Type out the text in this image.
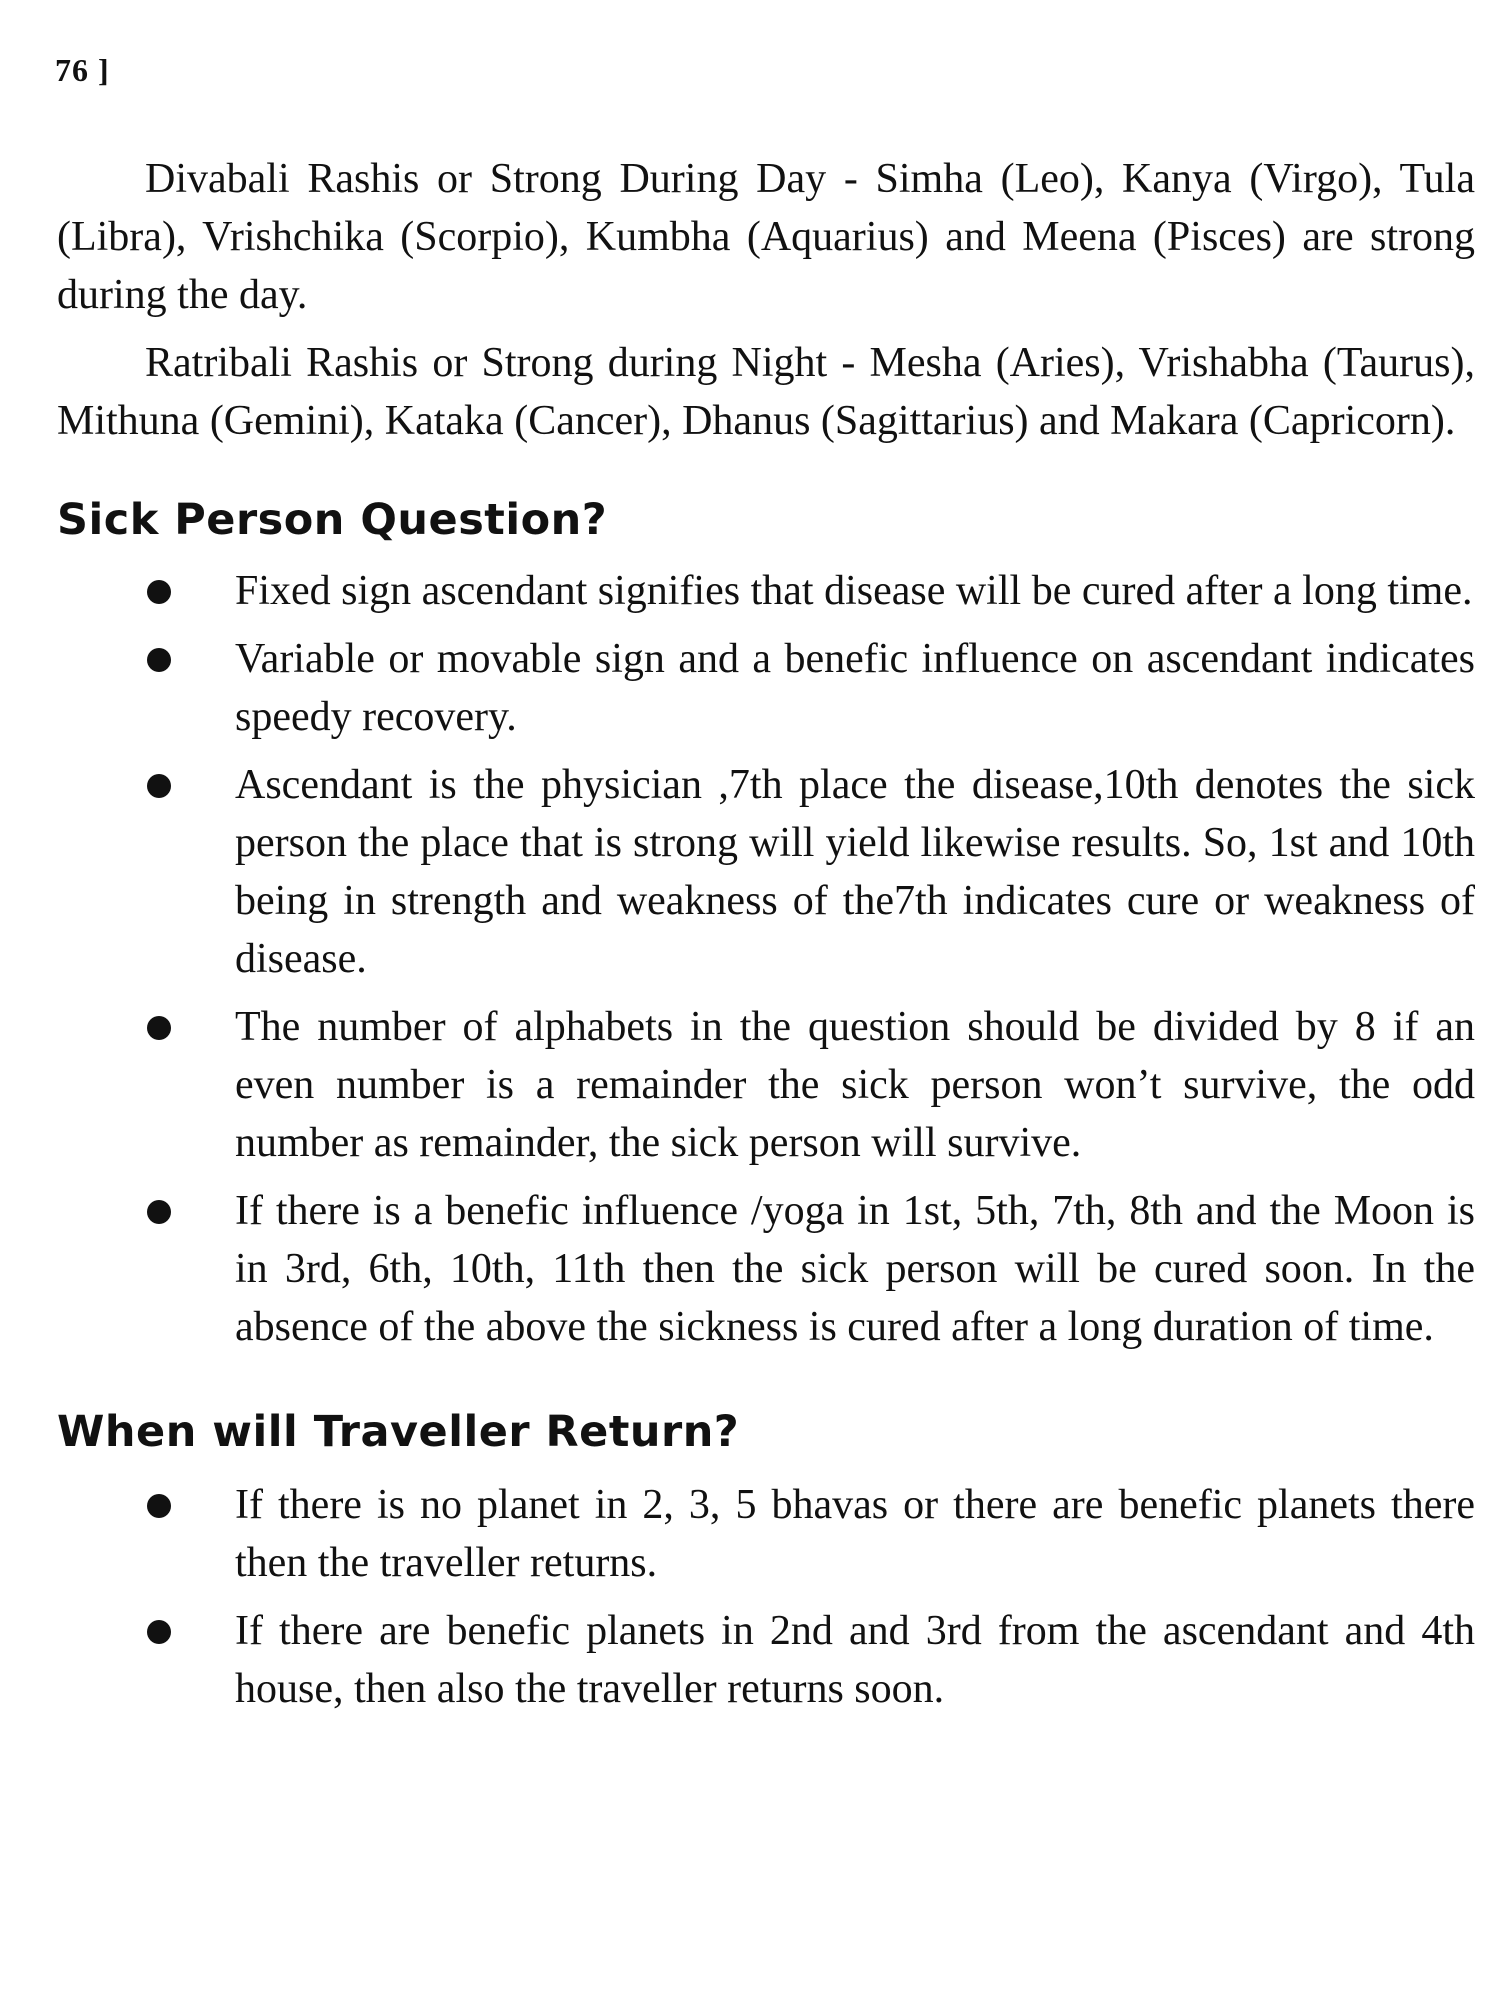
76 ]

Divabali Rashis or Strong During Day - Simha (Leo), Kanya (Virgo), Tula (Libra), Vrishchika (Scorpio), Kumbha (Aquarius) and Meena (Pisces) are strong during the day.

Ratribali Rashis or Strong during Night - Mesha (Aries), Vrishabha (Taurus), Mithuna (Gemini), Kataka (Cancer), Dhanus (Sagittarius) and Makara (Capricorn).

Sick Person Question?
Fixed sign ascendant signifies that disease will be cured after a long time.
Variable or movable sign and a benefic influence on ascendant indicates speedy recovery.
Ascendant is the physician ,7th place the disease,10th denotes the sick person the place that is strong will yield likewise results. So, 1st and 10th being in strength and weakness of the7th indicates cure or weakness of disease.
The number of alphabets in the question should be divided by 8 if an even number is a remainder the sick person won’t survive, the odd number as remainder, the sick person will survive.
If there is a benefic influence /yoga in 1st, 5th, 7th, 8th and the Moon is in 3rd, 6th, 10th, 11th then the sick person will be cured soon. In the absence of the above the sickness is cured after a long duration of time.
When will Traveller Return?
If there is no planet in 2, 3, 5 bhavas or there are benefic planets there then the traveller returns.
If there are benefic planets in 2nd and 3rd from the ascendant and 4th house, then also the traveller returns soon.
